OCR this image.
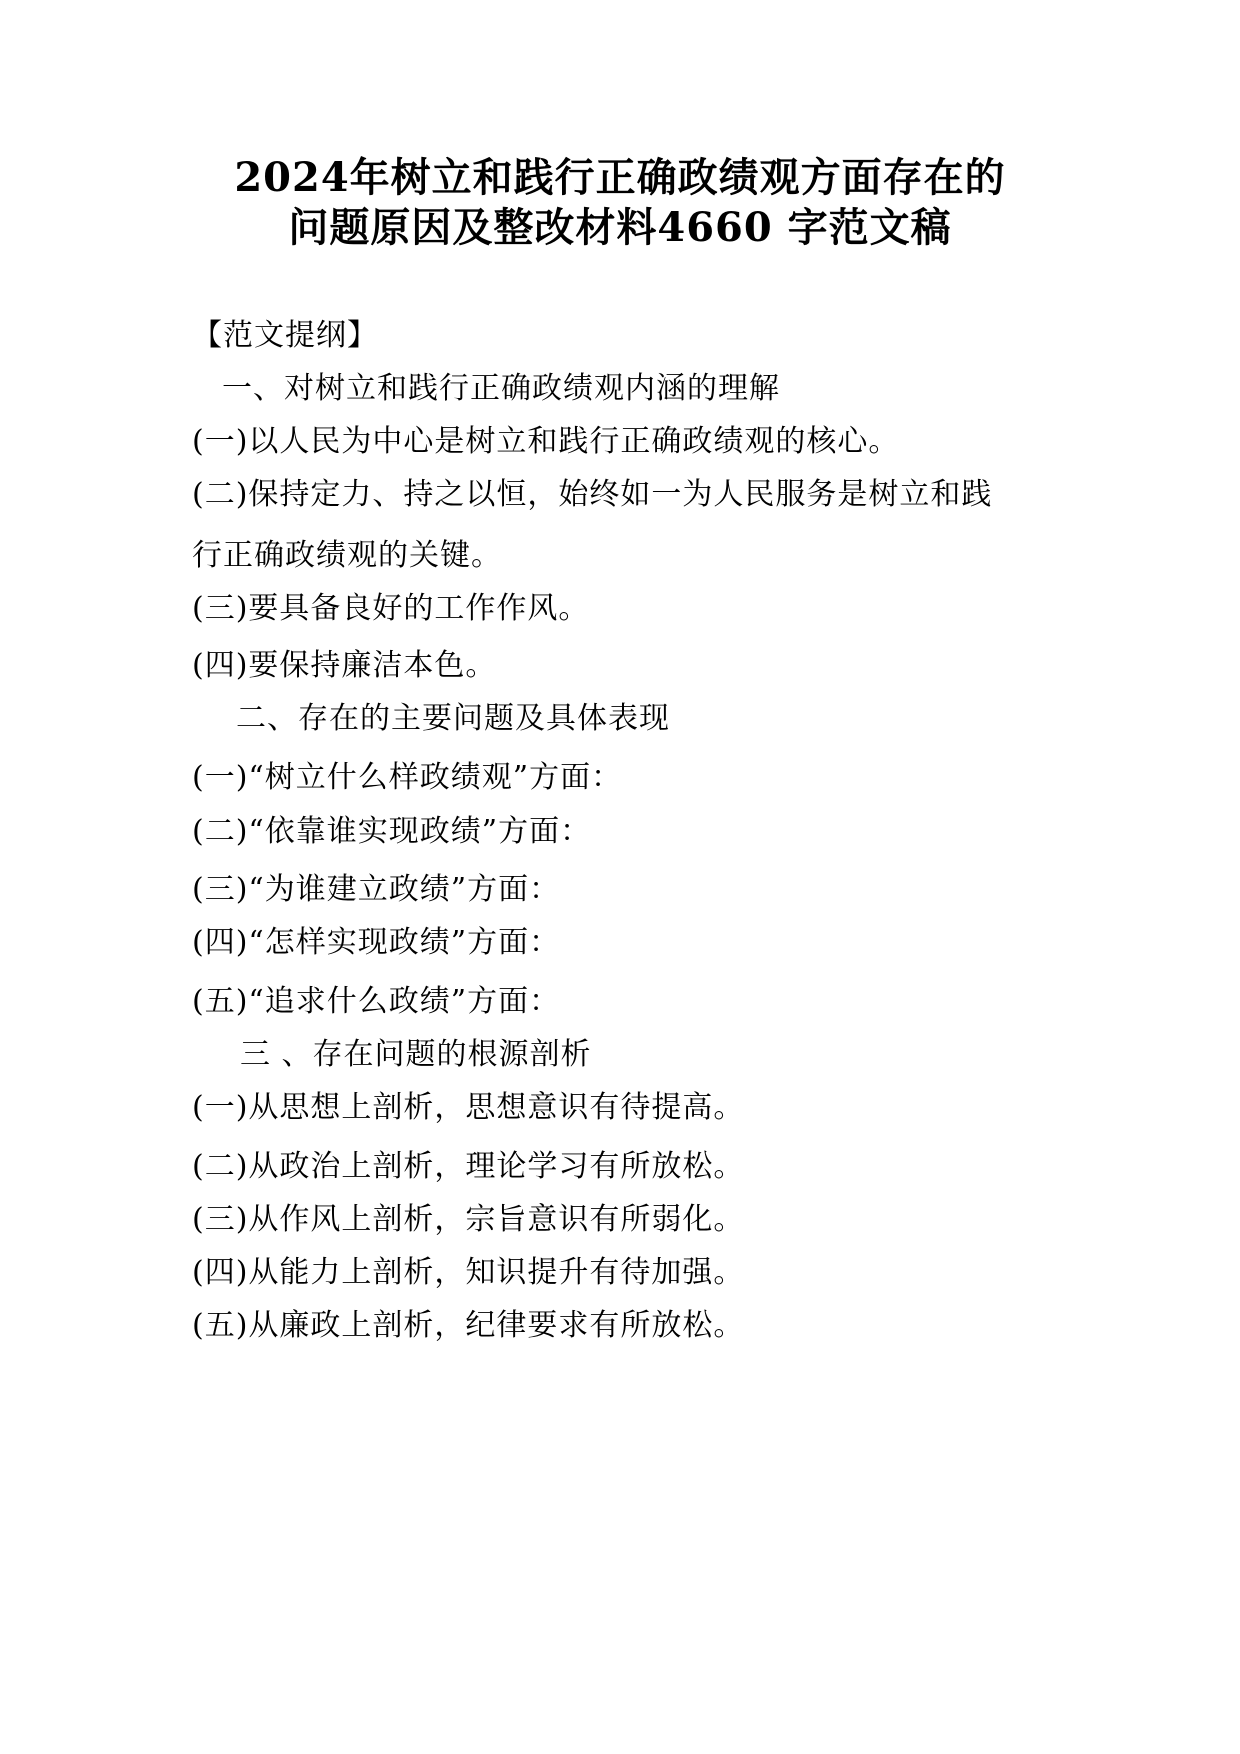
2024年树立和践行正确政绩观方面存在的
问题原因及整改材料4660 字范文稿
【范文提纲】
一、对树立和践行正确政绩观内涵的理解
(一)以人民为中心是树立和践行正确政绩观的核心。
(二)保持定力、持之以恒，始终如一为人民服务是树立和践
行正确政绩观的关键。
(三)要具备良好的工作作风。
(四)要保持廉洁本色。
二、存在的主要问题及具体表现
(一)“树立什么样政绩观”方面：
(二)“依靠谁实现政绩”方面：
(三)“为谁建立政绩”方面：
(四)“怎样实现政绩”方面：
(五)“追求什么政绩”方面：
三 、存在问题的根源剖析
(一)从思想上剖析，思想意识有待提高。
(二)从政治上剖析，理论学习有所放松。
(三)从作风上剖析，宗旨意识有所弱化。
(四)从能力上剖析，知识提升有待加强。
(五)从廉政上剖析，纪律要求有所放松。
